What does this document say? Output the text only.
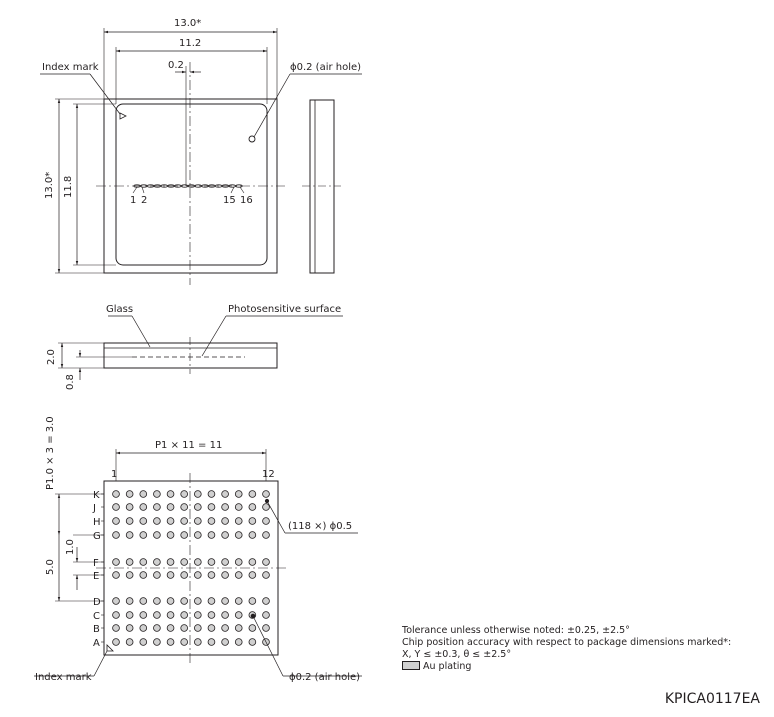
13.0*
11.2
0.2
13.0* 11.8
Index mark	ϕ0.2 (air hole)
1 2	15 16
Glass	Photosensitive surface
2.0
0.8
P1 × 11 = 11
P1.0 × 3 = 3.0
1.0
5.0
1	12
K
J
H
G
F
E
D
C
B
A
(118 ×) ϕ0.5
Index mark	ϕ0.2 (air hole)
Tolerance unless otherwise noted: ±0.25, ±2.5°
Chip position accuracy with respect to package dimensions marked*:
X, Y ≤ ±0.3, θ ≤ ±2.5°
Au plating
KPICA0117EA
